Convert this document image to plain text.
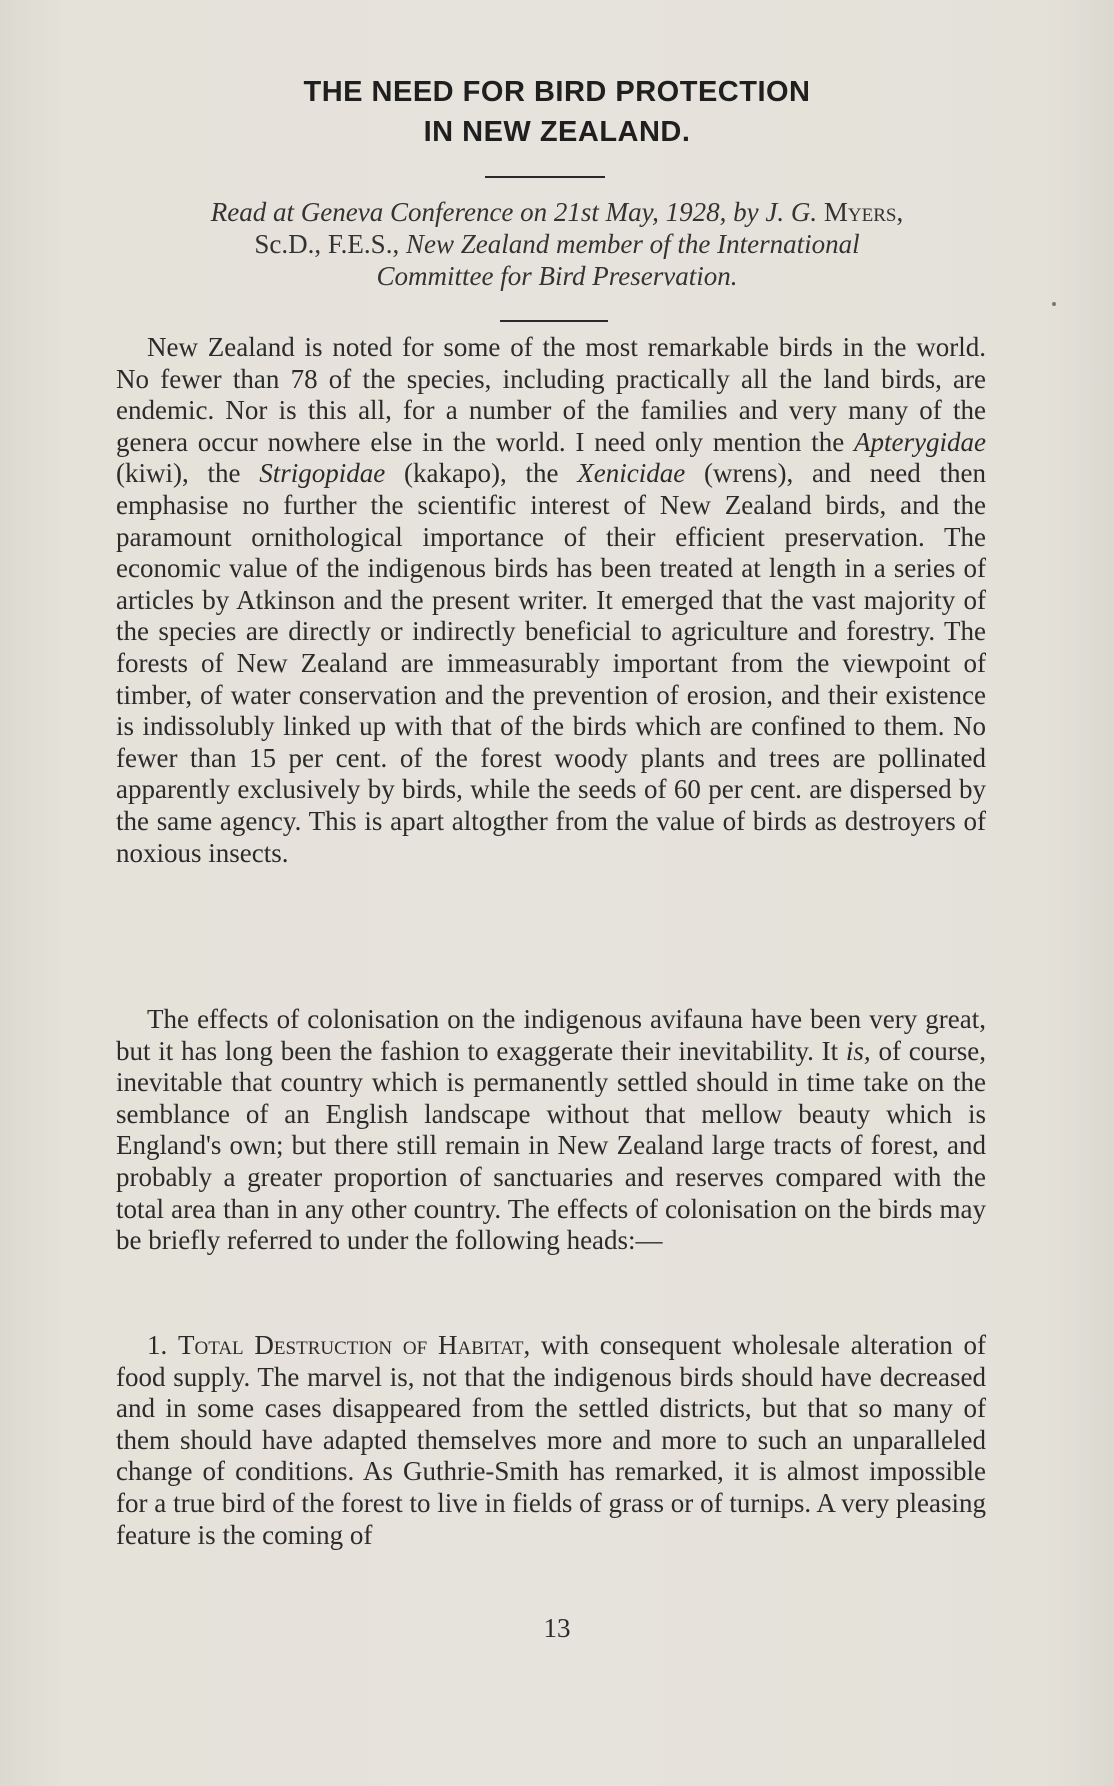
THE NEED FOR BIRD PROTECTION
IN NEW ZEALAND.
Read at Geneva Conference on 21st May, 1928, by J. G. Myers,
Sc.D., F.E.S., New Zealand member of the International
Committee for Bird Preservation.

New Zealand is noted for some of the most remarkable birds in the world. No fewer than 78 of the species, including practically all the land birds, are endemic. Nor is this all, for a number of the families and very many of the genera occur nowhere else in the world. I need only mention the Apterygidae (kiwi), the Strigopidae (kakapo), the Xenicidae (wrens), and need then emphasise no further the scientific interest of New Zealand birds, and the paramount ornithological importance of their efficient preservation. The economic value of the indigenous birds has been treated at length in a series of articles by Atkinson and the present writer. It emerged that the vast majority of the species are directly or indirectly beneficial to agriculture and forestry. The forests of New Zealand are immeasurably important from the viewpoint of timber, of water conservation and the prevention of erosion, and their existence is indissolubly linked up with that of the birds which are confined to them. No fewer than 15 per cent. of the forest woody plants and trees are pollinated apparently exclusively by birds, while the seeds of 60 per cent. are dispersed by the same agency. This is apart altogther from the value of birds as destroyers of noxious insects.

The effects of colonisation on the indigenous avifauna have been very great, but it has long been the fashion to exaggerate their inevitability. It is, of course, inevitable that country which is permanently settled should in time take on the semblance of an English landscape without that mellow beauty which is England's own; but there still remain in New Zealand large tracts of forest, and probably a greater proportion of sanctuaries and reserves compared with the total area than in any other country. The effects of colonisation on the birds may be briefly referred to under the following heads:—

1. Total Destruction of Habitat, with consequent wholesale alteration of food supply. The marvel is, not that the indigenous birds should have decreased and in some cases disappeared from the settled districts, but that so many of them should have adapted themselves more and more to such an unparalleled change of conditions. As Guthrie-Smith has remarked, it is almost impossible for a true bird of the forest to live in fields of grass or of turnips. A very pleasing feature is the coming of

13
